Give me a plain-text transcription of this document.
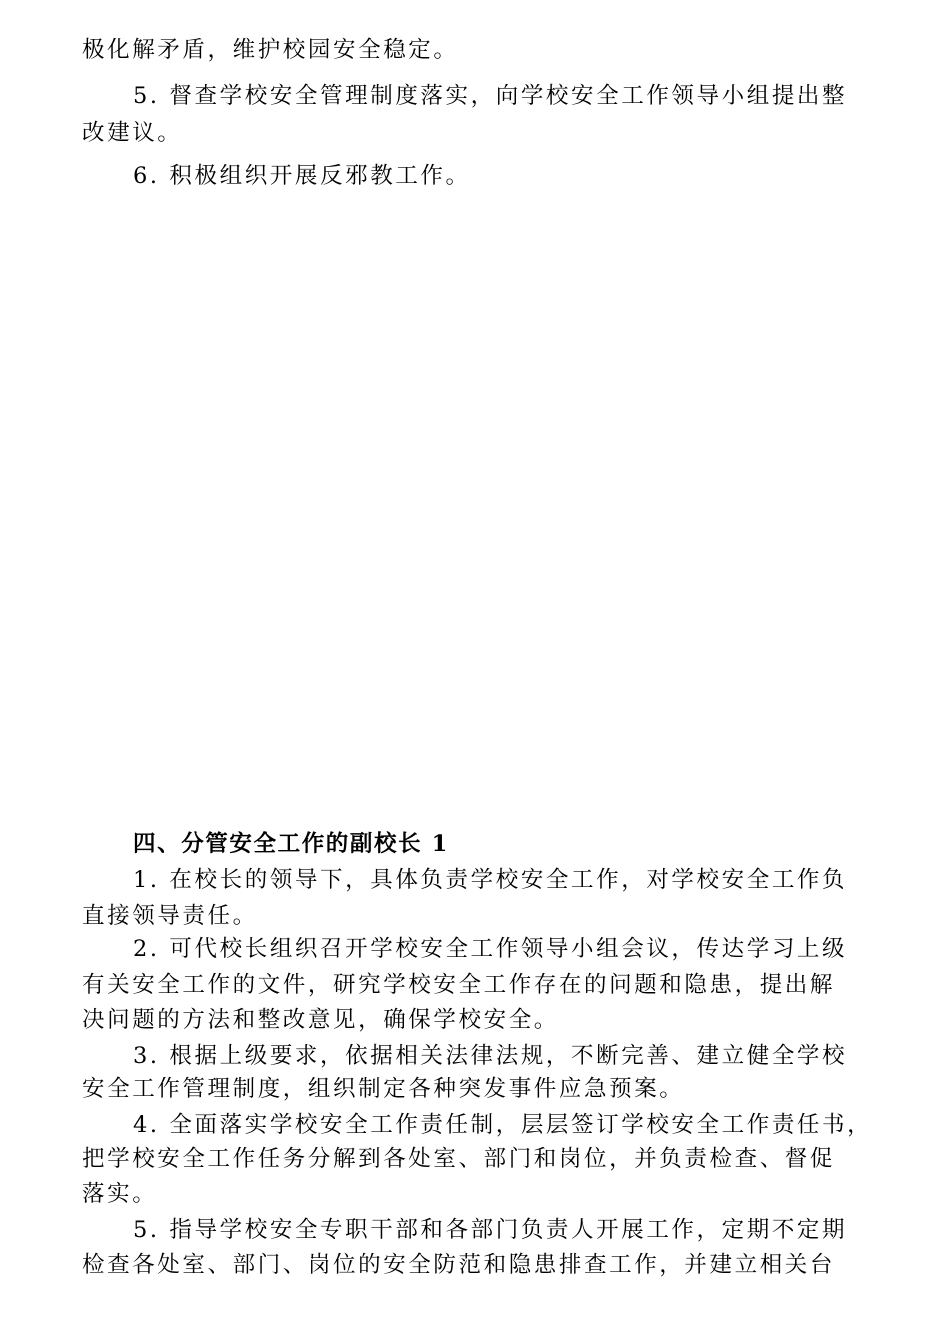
极化解矛盾，维护校园安全稳定。
5. 督查学校安全管理制度落实，向学校安全工作领导小组提出整
改建议。
6. 积极组织开展反邪教工作。
四、分管安全工作的副校长 1
1. 在校长的领导下，具体负责学校安全工作，对学校安全工作负
直接领导责任。
2. 可代校长组织召开学校安全工作领导小组会议，传达学习上级
有关安全工作的文件，研究学校安全工作存在的问题和隐患，提出解
决问题的方法和整改意见，确保学校安全。
3. 根据上级要求，依据相关法律法规，不断完善、建立健全学校
安全工作管理制度，组织制定各种突发事件应急预案。
4. 全面落实学校安全工作责任制，层层签订学校安全工作责任书，
把学校安全工作任务分解到各处室、部门和岗位，并负责检查、督促
落实。
5. 指导学校安全专职干部和各部门负责人开展工作，定期不定期
检查各处室、部门、岗位的安全防范和隐患排查工作，并建立相关台
